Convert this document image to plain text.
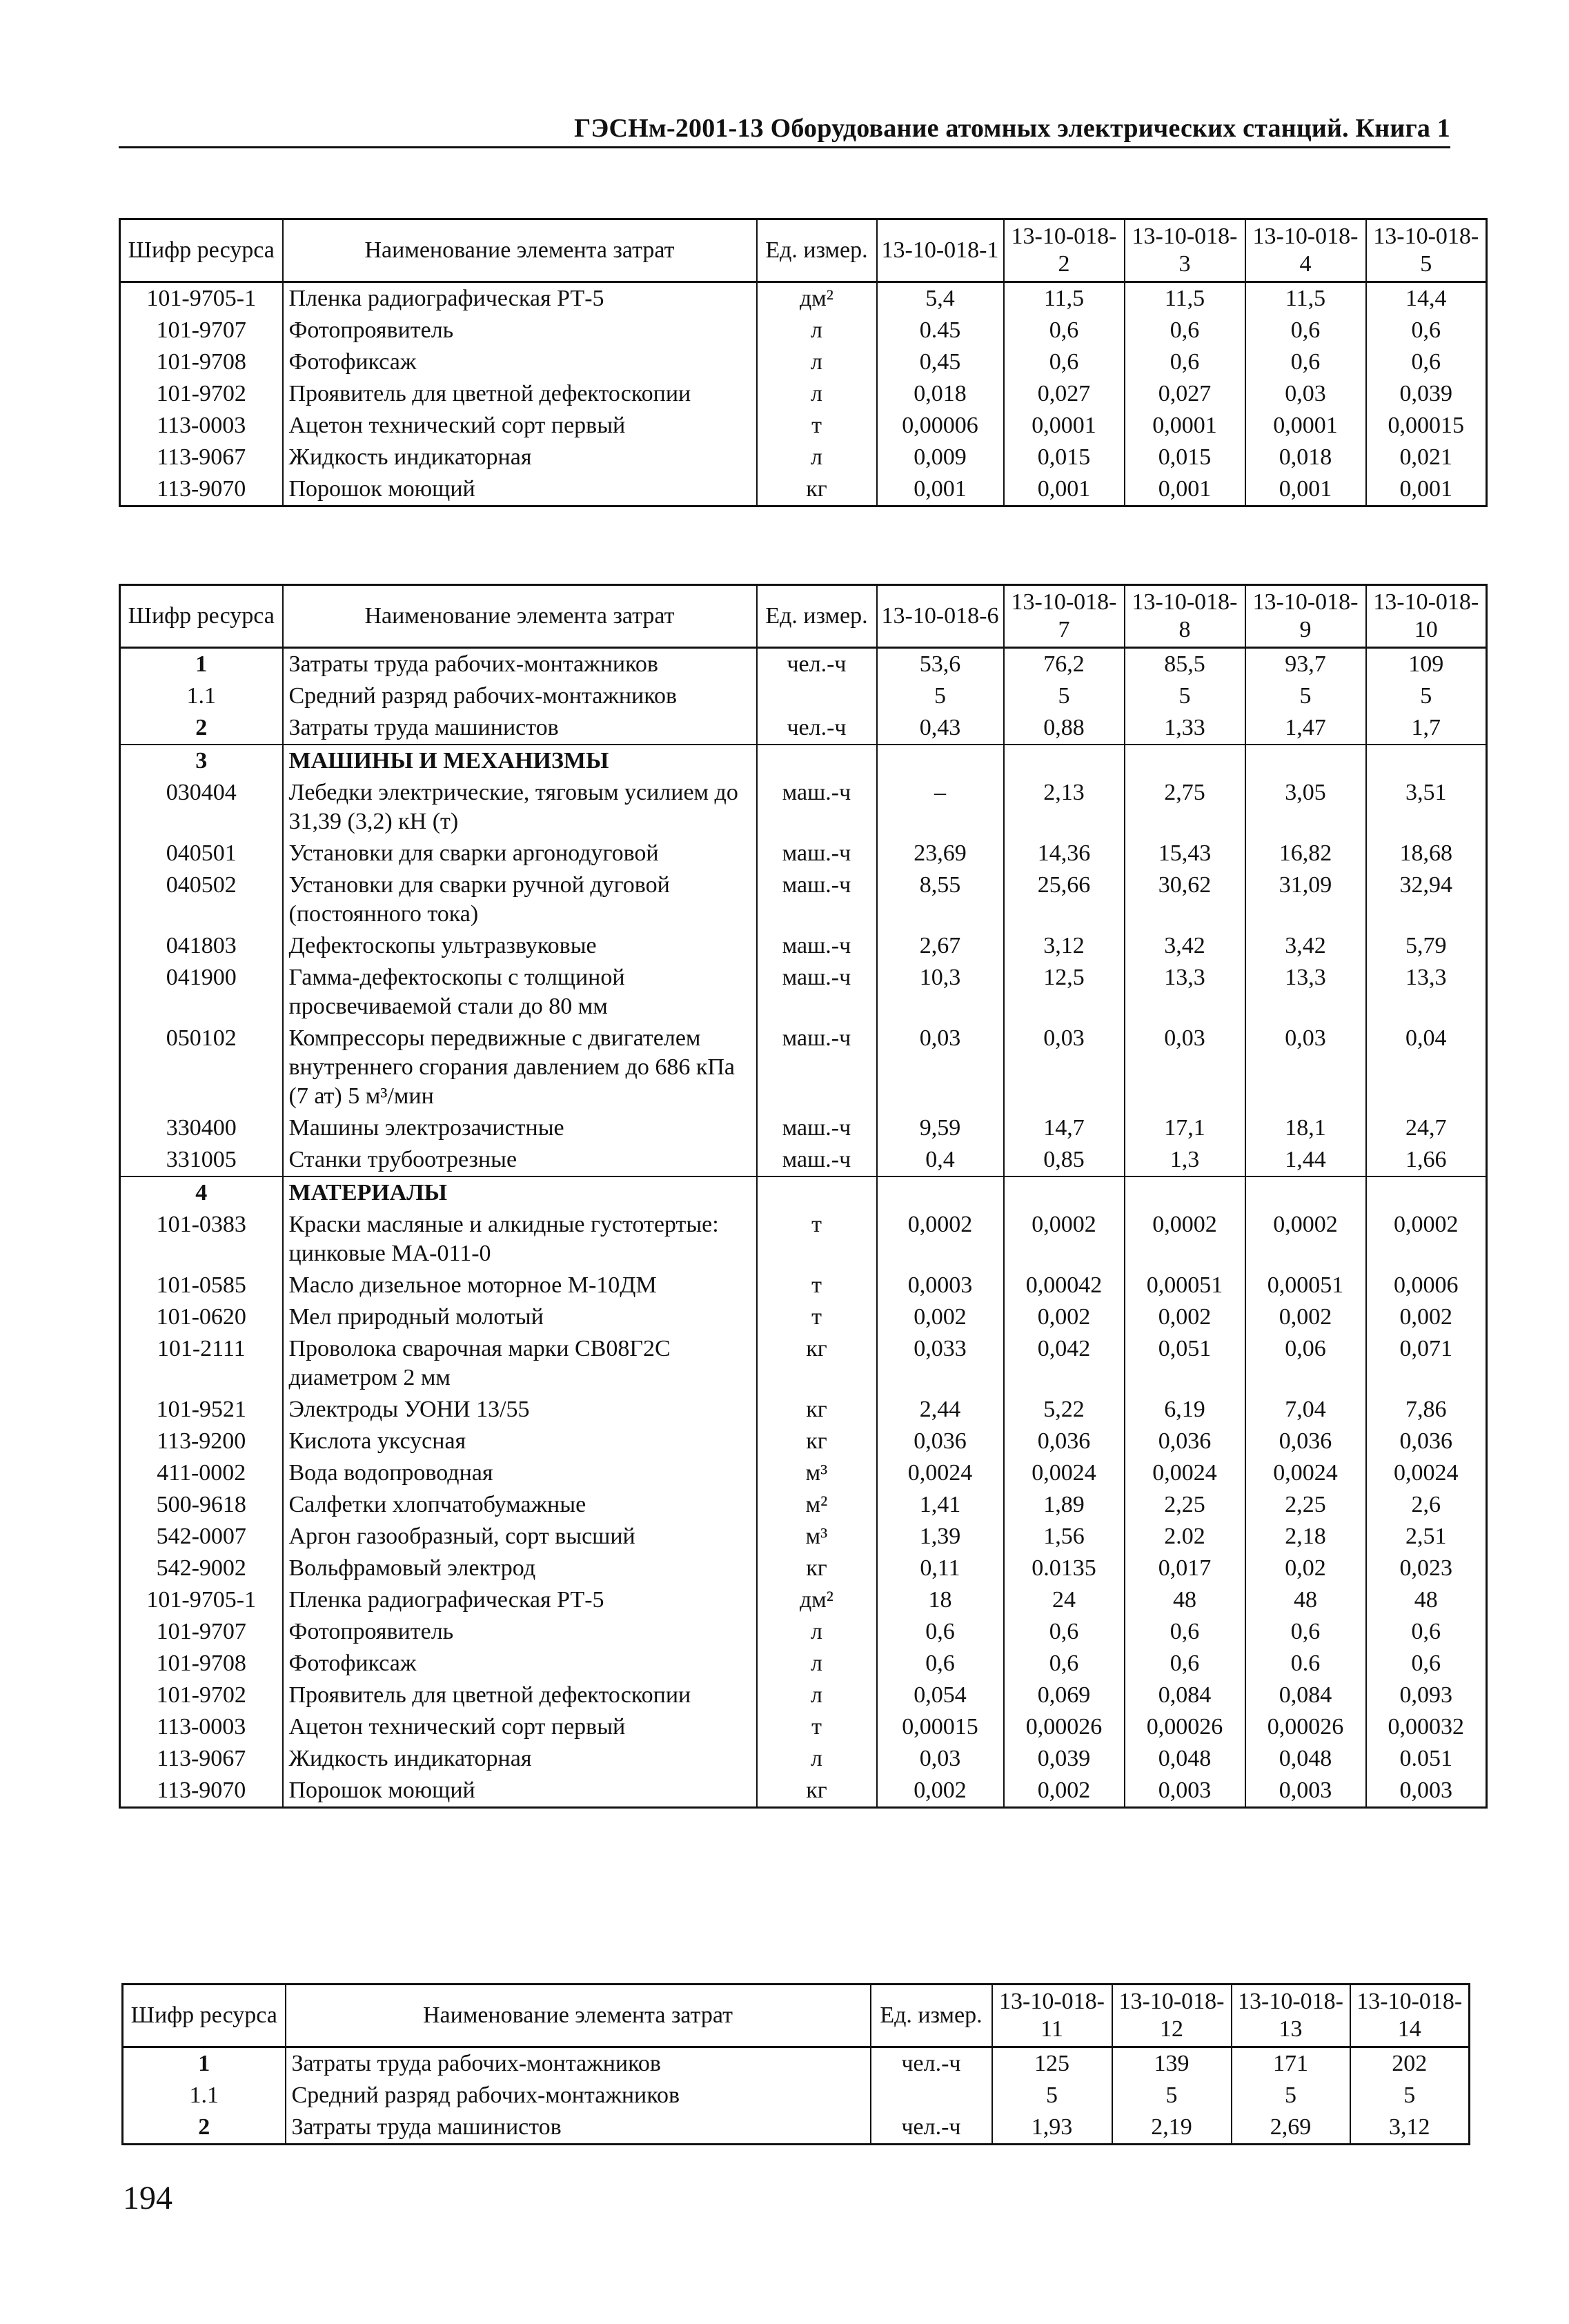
ГЭСНм-2001-13 Оборудование атомных электрических станций. Книга 1
Шифр ресурса	Наименование элемента затрат	Ед. измер.	13-10-018-1	13-10-018-2	13-10-018-3	13-10-018-4	13-10-018-5
101-9705-1	Пленка радиографическая РТ-5	дм²	5,4	11,5	11,5	11,5	14,4
101-9707	Фотопроявитель	л	0.45	0,6	0,6	0,6	0,6
101-9708	Фотофиксаж	л	0,45	0,6	0,6	0,6	0,6
101-9702	Проявитель для цветной дефектоскопии	л	0,018	0,027	0,027	0,03	0,039
113-0003	Ацетон технический сорт первый	т	0,00006	0,0001	0,0001	0,0001	0,00015
113-9067	Жидкость индикаторная	л	0,009	0,015	0,015	0,018	0,021
113-9070	Порошок моющий	кг	0,001	0,001	0,001	0,001	0,001
Шифр ресурса	Наименование элемента затрат	Ед. измер.	13-10-018-6	13-10-018-7	13-10-018-8	13-10-018-9	13-10-018-10
1	Затраты труда рабочих-монтажников	чел.-ч	53,6	76,2	85,5	93,7	109
1.1	Средний разряд рабочих-монтажников		5	5	5	5	5
2	Затраты труда машинистов	чел.-ч	0,43	0,88	1,33	1,47	1,7
3	МАШИНЫ И МЕХАНИЗМЫ						
030404	Лебедки электрические, тяговым усилием до 31,39 (3,2) кН (т)	маш.-ч	–	2,13	2,75	3,05	3,51
040501	Установки для сварки аргонодуговой	маш.-ч	23,69	14,36	15,43	16,82	18,68
040502	Установки для сварки ручной дуговой (постоянного тока)	маш.-ч	8,55	25,66	30,62	31,09	32,94
041803	Дефектоскопы ультразвуковые	маш.-ч	2,67	3,12	3,42	3,42	5,79
041900	Гамма-дефектоскопы с толщиной просвечиваемой стали до 80 мм	маш.-ч	10,3	12,5	13,3	13,3	13,3
050102	Компрессоры передвижные с двигателем внутреннего сгорания давлением до 686 кПа (7 ат) 5 м³/мин	маш.-ч	0,03	0,03	0,03	0,03	0,04
330400	Машины электрозачистные	маш.-ч	9,59	14,7	17,1	18,1	24,7
331005	Станки трубоотрезные	маш.-ч	0,4	0,85	1,3	1,44	1,66
4	МАТЕРИАЛЫ						
101-0383	Краски масляные и алкидные густотертые: цинковые МА-011-0	т	0,0002	0,0002	0,0002	0,0002	0,0002
101-0585	Масло дизельное моторное М-10ДМ	т	0,0003	0,00042	0,00051	0,00051	0,0006
101-0620	Мел природный молотый	т	0,002	0,002	0,002	0,002	0,002
101-2111	Проволока сварочная марки СВ08Г2С диаметром 2 мм	кг	0,033	0,042	0,051	0,06	0,071
101-9521	Электроды УОНИ 13/55	кг	2,44	5,22	6,19	7,04	7,86
113-9200	Кислота уксусная	кг	0,036	0,036	0,036	0,036	0,036
411-0002	Вода водопроводная	м³	0,0024	0,0024	0,0024	0,0024	0,0024
500-9618	Салфетки хлопчатобумажные	м²	1,41	1,89	2,25	2,25	2,6
542-0007	Аргон газообразный, сорт высший	м³	1,39	1,56	2.02	2,18	2,51
542-9002	Вольфрамовый электрод	кг	0,11	0.0135	0,017	0,02	0,023
101-9705-1	Пленка радиографическая РТ-5	дм²	18	24	48	48	48
101-9707	Фотопроявитель	л	0,6	0,6	0,6	0,6	0,6
101-9708	Фотофиксаж	л	0,6	0,6	0,6	0.6	0,6
101-9702	Проявитель для цветной дефектоскопии	л	0,054	0,069	0,084	0,084	0,093
113-0003	Ацетон технический сорт первый	т	0,00015	0,00026	0,00026	0,00026	0,00032
113-9067	Жидкость индикаторная	л	0,03	0,039	0,048	0,048	0.051
113-9070	Порошок моющий	кг	0,002	0,002	0,003	0,003	0,003
Шифр ресурса	Наименование элемента затрат	Ед. измер.	13-10-018-11	13-10-018-12	13-10-018-13	13-10-018-14
1	Затраты труда рабочих-монтажников	чел.-ч	125	139	171	202
1.1	Средний разряд рабочих-монтажников		5	5	5	5
2	Затраты труда машинистов	чел.-ч	1,93	2,19	2,69	3,12
194
